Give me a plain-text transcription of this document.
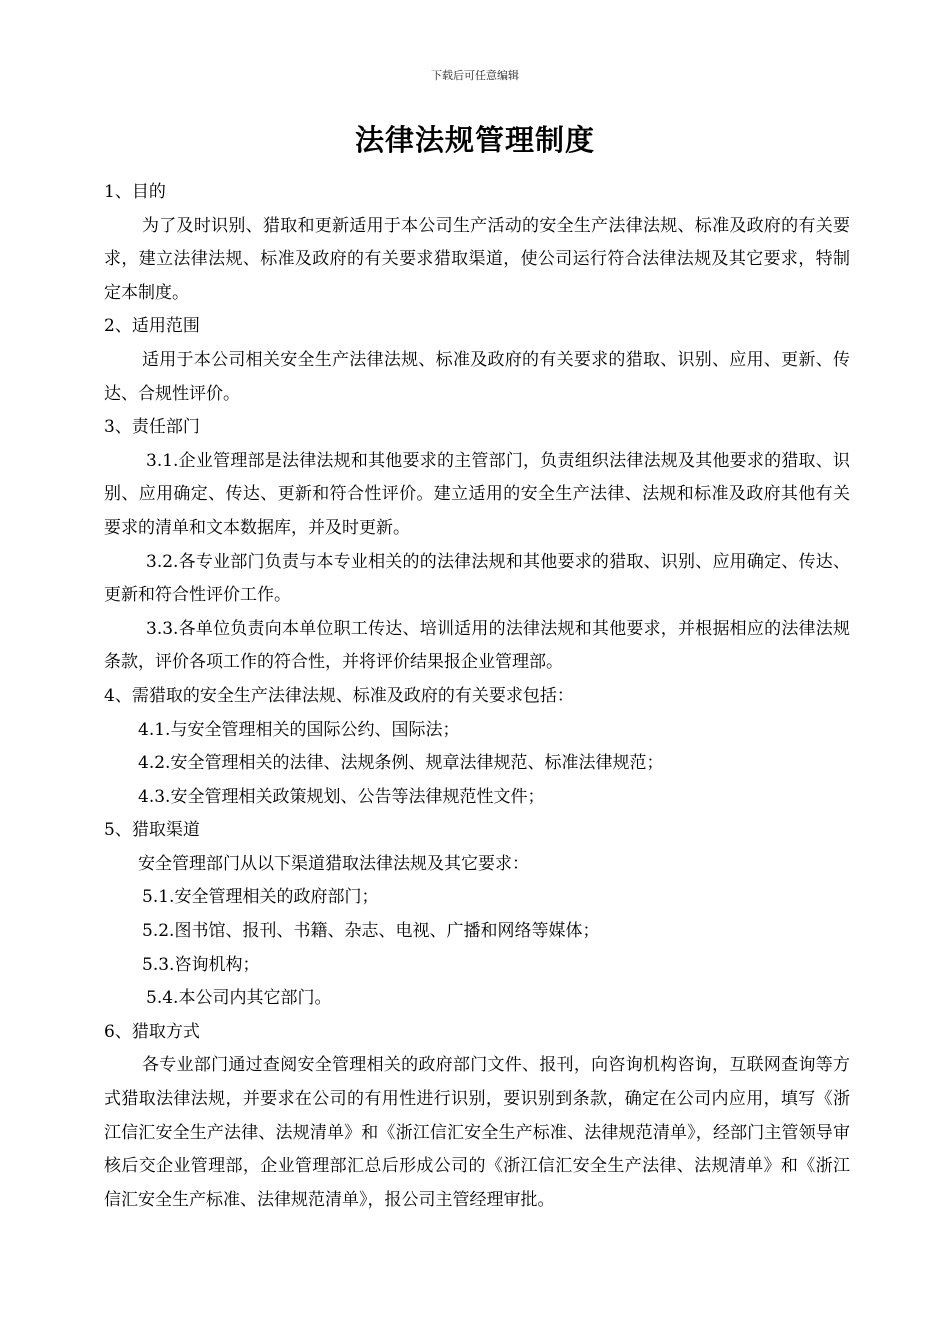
下载后可任意编辑
法律法规管理制度

1、目的

为了及时识别、猎取和更新适用于本公司生产活动的安全生产法律法规、标准及政府的有关要求，建立法律法规、标准及政府的有关要求猎取渠道，使公司运行符合法律法规及其它要求，特制定本制度。

2、适用范围

适用于本公司相关安全生产法律法规、标准及政府的有关要求的猎取、识别、应用、更新、传达、合规性评价。

3、责任部门

3.1.企业管理部是法律法规和其他要求的主管部门，负责组织法律法规及其他要求的猎取、识别、应用确定、传达、更新和符合性评价。建立适用的安全生产法律、法规和标准及政府其他有关要求的清单和文本数据库，并及时更新。

3.2.各专业部门负责与本专业相关的的法律法规和其他要求的猎取、识别、应用确定、传达、更新和符合性评价工作。

3.3.各单位负责向本单位职工传达、培训适用的法律法规和其他要求，并根据相应的法律法规条款，评价各项工作的符合性，并将评价结果报企业管理部。

4、需猎取的安全生产法律法规、标准及政府的有关要求包括：

4.1.与安全管理相关的国际公约、国际法；

4.2.安全管理相关的法律、法规条例、规章法律规范、标准法律规范；

4.3.安全管理相关政策规划、公告等法律规范性文件；

5、猎取渠道

安全管理部门从以下渠道猎取法律法规及其它要求：

5.1.安全管理相关的政府部门；

5.2.图书馆、报刊、书籍、杂志、电视、广播和网络等媒体；

5.3.咨询机构；

5.4.本公司内其它部门。

6、猎取方式

各专业部门通过查阅安全管理相关的政府部门文件、报刊，向咨询机构咨询，互联网查询等方式猎取法律法规，并要求在公司的有用性进行识别，要识别到条款，确定在公司内应用，填写《浙江信汇安全生产法律、法规清单》和《浙江信汇安全生产标准、法律规范清单》，经部门主管领导审核后交企业管理部，企业管理部汇总后形成公司的《浙江信汇安全生产法律、法规清单》和《浙江信汇安全生产标准、法律规范清单》，报公司主管经理审批。
